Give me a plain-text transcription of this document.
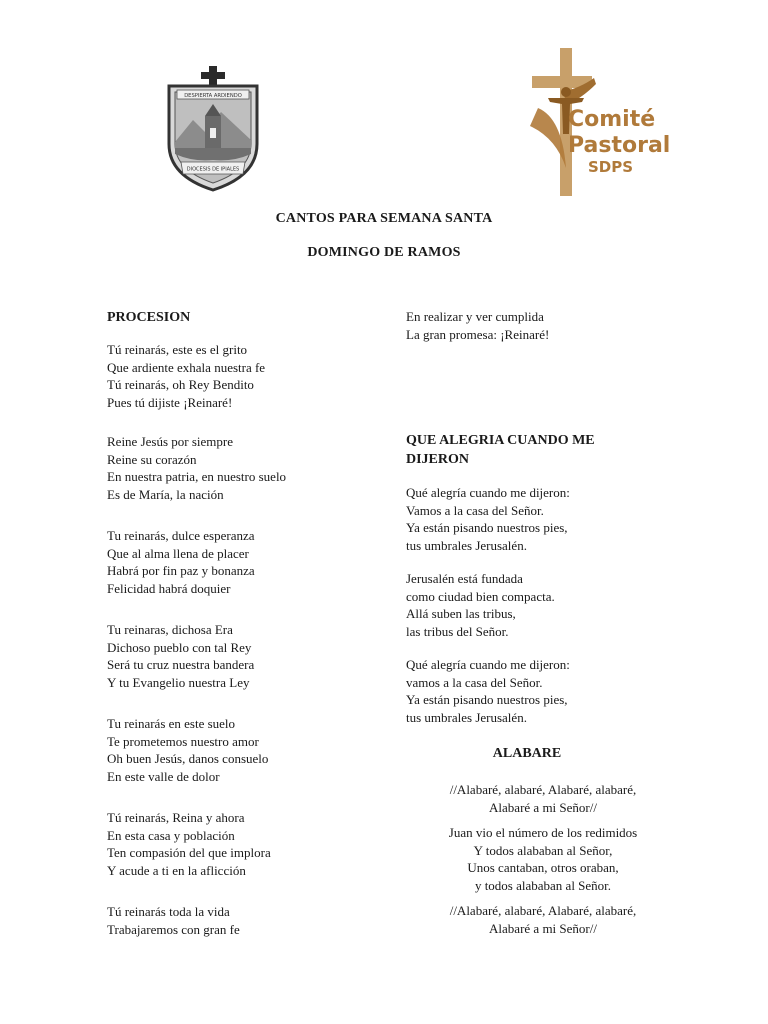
DESPIERTA ARDIENDO
DIOCESIS DE IPIALES
Comité
Pastoral
SDPS
CANTOS PARA SEMANA SANTA
DOMINGO DE RAMOS

PROCESION

Tú reinarás, este es el grito
Que ardiente exhala nuestra fe
Tú reinarás, oh Rey Bendito
Pues tú dijiste ¡Reinaré!
Reine Jesús por siempre
Reine su corazón
En nuestra patria, en nuestro suelo
Es de María, la nación
Tu reinarás, dulce esperanza
Que al alma llena de placer
Habrá por fin paz y bonanza
Felicidad habrá doquier
Tu reinaras, dichosa Era
Dichoso pueblo con tal Rey
Será tu cruz nuestra bandera
Y tu Evangelio nuestra Ley
Tu reinarás en este suelo
Te prometemos nuestro amor
Oh buen Jesús, danos consuelo
En este valle de dolor
Tú reinarás, Reina y ahora
En esta casa y población
Ten compasión del que implora
Y acude a ti en la aflicción
Tú reinarás toda la vida
Trabajaremos con gran fe
En realizar y ver cumplida
La gran promesa: ¡Reinaré!

QUE ALEGRIA CUANDO ME
DIJERON

Qué alegría cuando me dijeron:
Vamos a la casa del Señor.
Ya están pisando nuestros pies,
tus umbrales Jerusalén.
Jerusalén está fundada
como ciudad bien compacta.
Allá suben las tribus,
las tribus del Señor.
Qué alegría cuando me dijeron:
vamos a la casa del Señor.
Ya están pisando nuestros pies,
tus umbrales Jerusalén.

ALABARE

//Alabaré, alabaré, Alabaré, alabaré,
Alabaré a mi Señor//
Juan vio el número de los redimidos
Y todos alababan al Señor,
Unos cantaban, otros oraban,
y todos alababan al Señor.
//Alabaré, alabaré, Alabaré, alabaré,
Alabaré a mi Señor//
